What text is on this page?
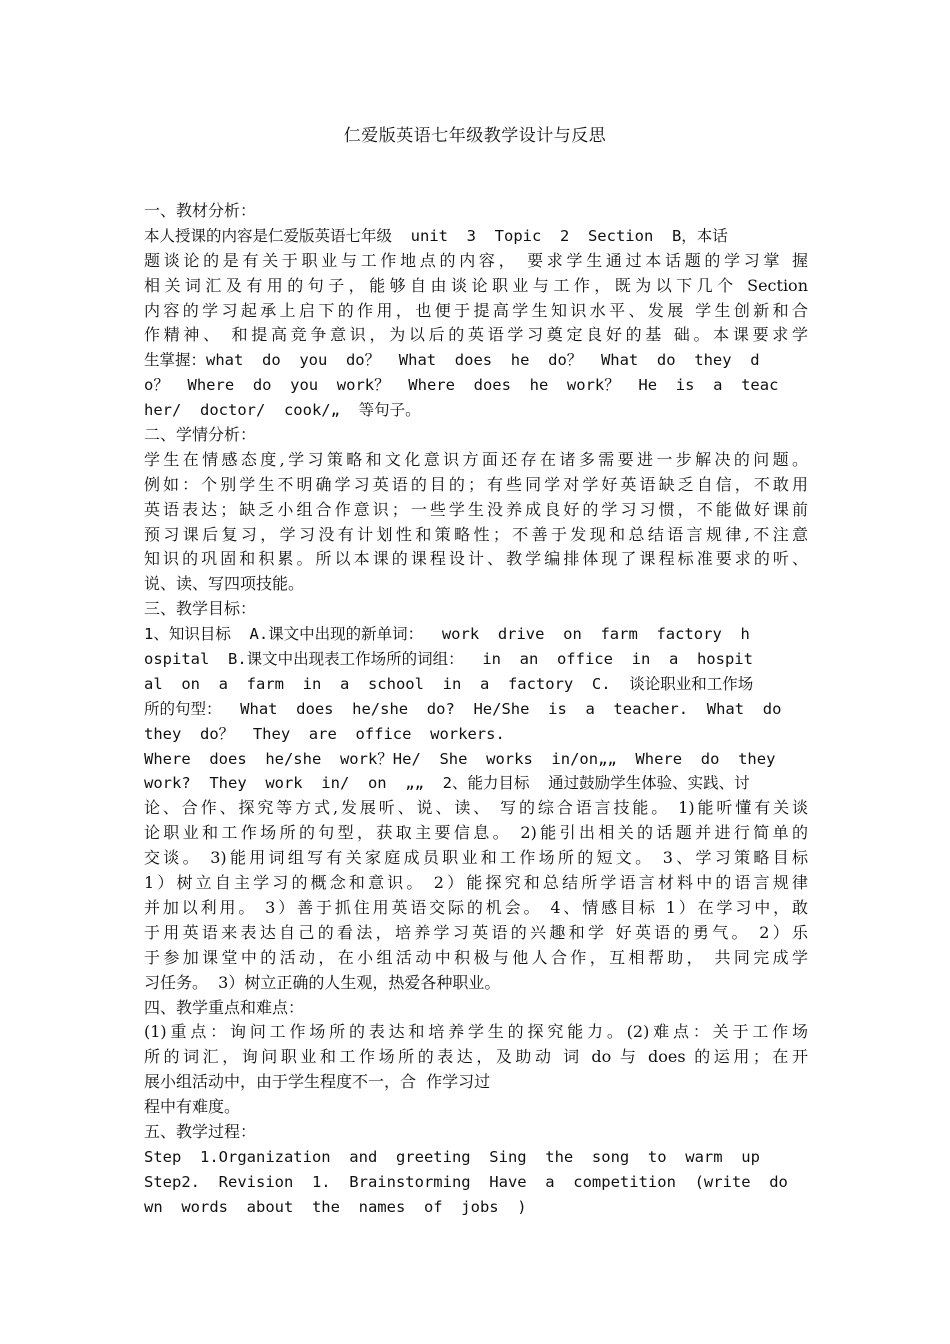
仁爱版英语七年级教学设计与反思
一、教材分析：
本人授课的内容是仁爱版英语七年级  unit  3  Topic  2  Section  B，本话
题谈论的是有关于职业与工作地点的内容， 要求学生通过本话题的学习掌 握
相关词汇及有用的句子，能够自由谈论职业与工作，既为以下几个 Section
内容的学习起承上启下的作用，也便于提高学生知识水平、发展 学生创新和合
作精神、 和提高竞争意识，为以后的英语学习奠定良好的基 础。本课要求学
生掌握：what  do  you  do？  What  does  he  do？  What  do  they  d
o？  Where  do  you  work？  Where  does  he  work？  He  is  a  teac
her/  doctor/  cook/„  等句子。
二、学情分析：
学生在情感态度,学习策略和文化意识方面还存在诸多需要进一步解决的问题。
例如：个别学生不明确学习英语的目的；有些同学对学好英语缺乏自信，不敢用
英语表达；缺乏小组合作意识；一些学生没养成良好的学习习惯，不能做好课前
预习课后复习，学习没有计划性和策略性；不善于发现和总结语言规律,不注意
知识的巩固和积累。所以本课的课程设计、教学编排体现了课程标准要求的听、
说、读、写四项技能。
三、教学目标：
1、知识目标  A.课文中出现的新单词：  work  drive  on  farm  factory  h
ospital  B.课文中出现表工作场所的词组：  in  an  office  in  a  hospit
al  on  a  farm  in  a  school  in  a  factory  C.  谈论职业和工作场
所的句型：  What  does  he/she  do?  He/She  is  a  teacher.  What  do
they  do？  They  are  office  workers.
Where  does  he/she  work？He/  She  works  in/on„„  Where  do  they
work?  They  work  in/  on  „„  2、能力目标  通过鼓励学生体验、实践、讨
论、合作、探究等方式,发展听、说、读、 写的综合语言技能。 1)能听懂有关谈
论职业和工作场所的句型，获取主要信息。 2)能引出相关的话题并进行简单的
交谈。 3)能用词组写有关家庭成员职业和工作场所的短文。 3、学习策略目标
1）树立自主学习的概念和意识。 2）能探究和总结所学语言材料中的语言规律
并加以利用。 3）善于抓住用英语交际的机会。 4、情感目标 1）在学习中，敢
于用英语来表达自己的看法，培养学习英语的兴趣和学 好英语的勇气。 2）乐
于参加课堂中的活动，在小组活动中积极与他人合作，互相帮助， 共同完成学
习任务。  3）树立正确的人生观，热爱各种职业。
四、教学重点和难点：
(1)重点：询问工作场所的表达和培养学生的探究能力。(2)难点：关于工作场
所的词汇，询问职业和工作场所的表达，及助动 词 do 与 does 的运用；在开
展小组活动中，由于学生程度不一，合  作学习过
程中有难度。
五、教学过程：
Step  1.Organization  and  greeting  Sing  the  song  to  warm  up
Step2.  Revision  1.  Brainstorming  Have  a  competition  (write  do
wn  words  about  the  names  of  jobs  )
